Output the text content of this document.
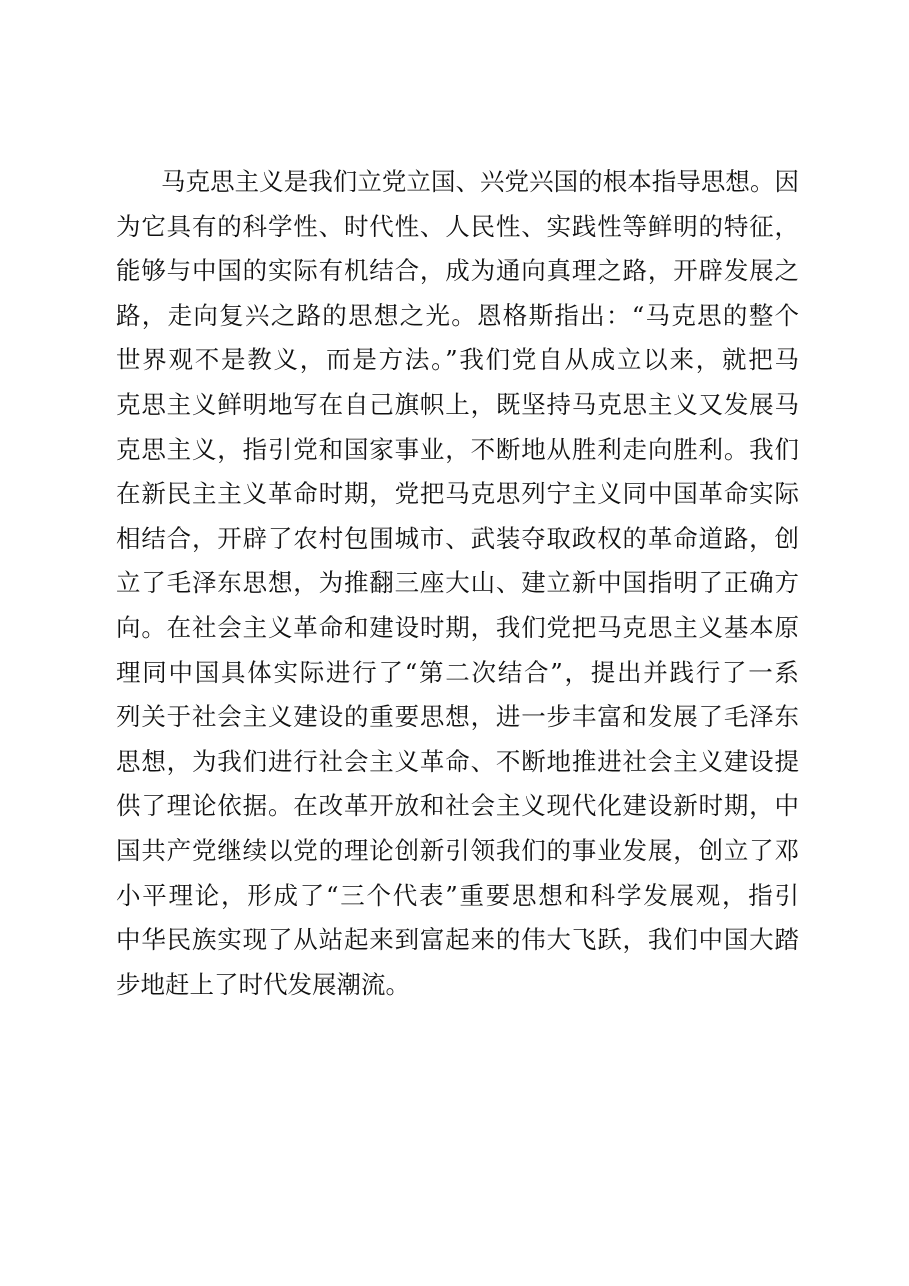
马克思主义是我们立党立国、兴党兴国的根本指导思想。因
为它具有的科学性、时代性、人民性、实践性等鲜明的特征，
能够与中国的实际有机结合，成为通向真理之路，开辟发展之
路，走向复兴之路的思想之光。恩格斯指出：“马克思的整个
世界观不是教义，而是方法。”我们党自从成立以来，就把马
克思主义鲜明地写在自己旗帜上，既坚持马克思主义又发展马
克思主义，指引党和国家事业，不断地从胜利走向胜利。我们
在新民主主义革命时期，党把马克思列宁主义同中国革命实际
相结合，开辟了农村包围城市、武装夺取政权的革命道路，创
立了毛泽东思想，为推翻三座大山、建立新中国指明了正确方
向。在社会主义革命和建设时期，我们党把马克思主义基本原
理同中国具体实际进行了“第二次结合”，提出并践行了一系
列关于社会主义建设的重要思想，进一步丰富和发展了毛泽东
思想，为我们进行社会主义革命、不断地推进社会主义建设提
供了理论依据。在改革开放和社会主义现代化建设新时期，中
国共产党继续以党的理论创新引领我们的事业发展，创立了邓
小平理论，形成了“三个代表”重要思想和科学发展观，指引
中华民族实现了从站起来到富起来的伟大飞跃，我们中国大踏
步地赶上了时代发展潮流。
